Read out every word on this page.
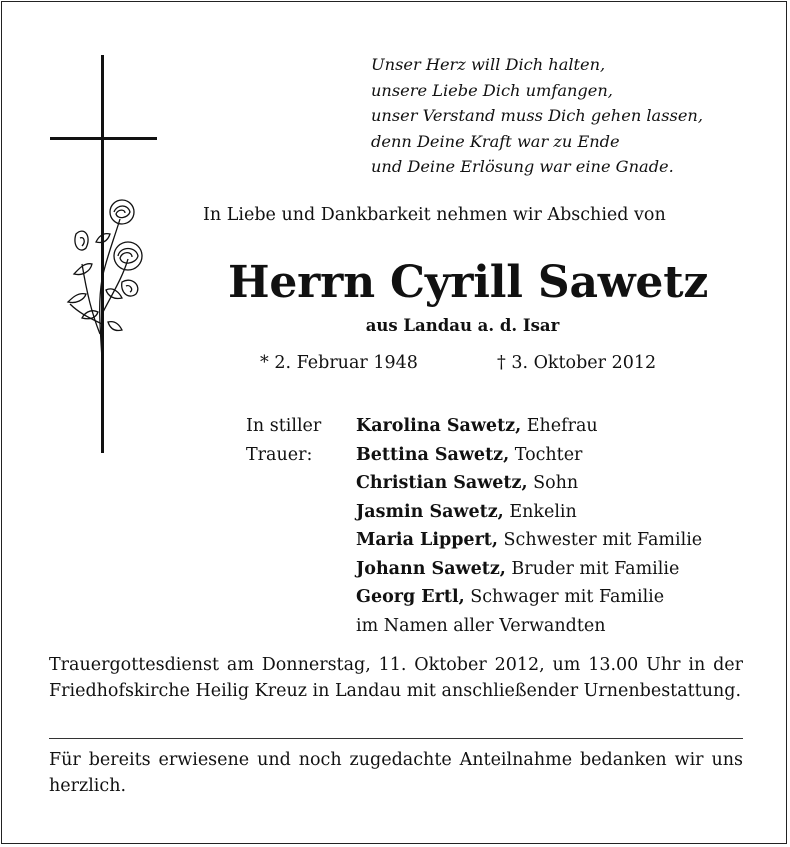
Unser Herz will Dich halten,
unsere Liebe Dich umfangen,
unser Verstand muss Dich gehen lassen,
denn Deine Kraft war zu Ende
und Deine Erlösung war eine Gnade.
In Liebe und Dankbarkeit nehmen wir Abschied von
Herrn Cyrill Sawetz
aus Landau a. d. Isar
* 2. Februar 1948	† 3. Oktober 2012
In stiller
Trauer:
Karolina Sawetz, Ehefrau
Bettina Sawetz, Tochter
Christian Sawetz, Sohn
Jasmin Sawetz, Enkelin
Maria Lippert, Schwester mit Familie
Johann Sawetz, Bruder mit Familie
Georg Ertl, Schwager mit Familie
im Namen aller Verwandten
Trauergottesdienst am Donnerstag, 11. Oktober 2012, um 13.00 Uhr in der Friedhofskirche Heilig Kreuz in Landau mit anschließender Urnenbestattung.
Für bereits erwiesene und noch zugedachte Anteilnahme bedanken wir uns herzlich.
